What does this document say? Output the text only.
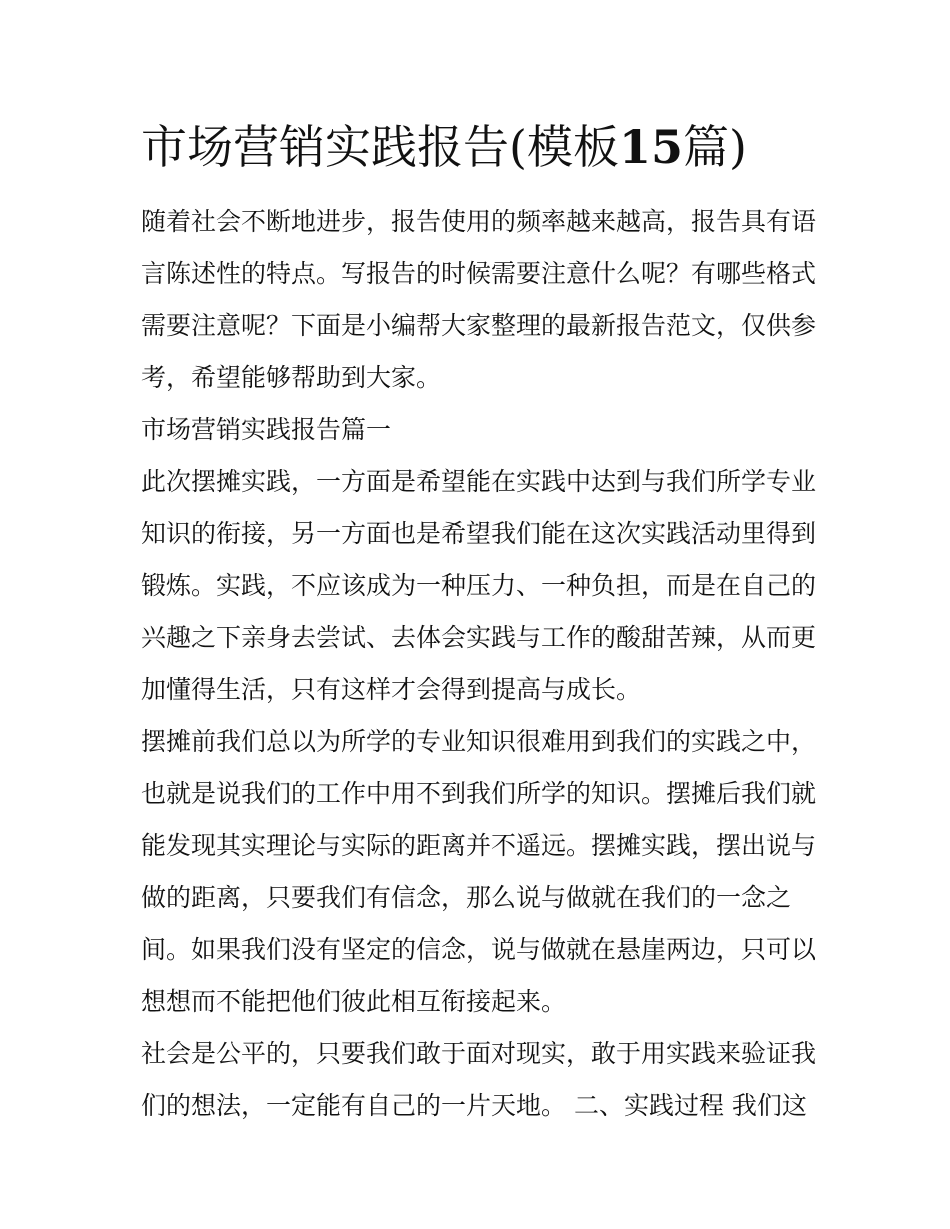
市场营销实践报告(模板15篇)
随着社会不断地进步，报告使用的频率越来越高，报告具有语
言陈述性的特点。写报告的时候需要注意什么呢？有哪些格式
需要注意呢？下面是小编帮大家整理的最新报告范文，仅供参
考，希望能够帮助到大家。
市场营销实践报告篇一
此次摆摊实践，一方面是希望能在实践中达到与我们所学专业
知识的衔接，另一方面也是希望我们能在这次实践活动里得到
锻炼。实践，不应该成为一种压力、一种负担，而是在自己的
兴趣之下亲身去尝试、去体会实践与工作的酸甜苦辣，从而更
加懂得生活，只有这样才会得到提高与成长。
摆摊前我们总以为所学的专业知识很难用到我们的实践之中，
也就是说我们的工作中用不到我们所学的知识。摆摊后我们就
能发现其实理论与实际的距离并不遥远。摆摊实践，摆出说与
做的距离，只要我们有信念，那么说与做就在我们的一念之
间。如果我们没有坚定的信念，说与做就在悬崖两边，只可以
想想而不能把他们彼此相互衔接起来。
社会是公平的，只要我们敢于面对现实，敢于用实践来验证我
们的想法，一定能有自己的一片天地。 二、实践过程 我们这
